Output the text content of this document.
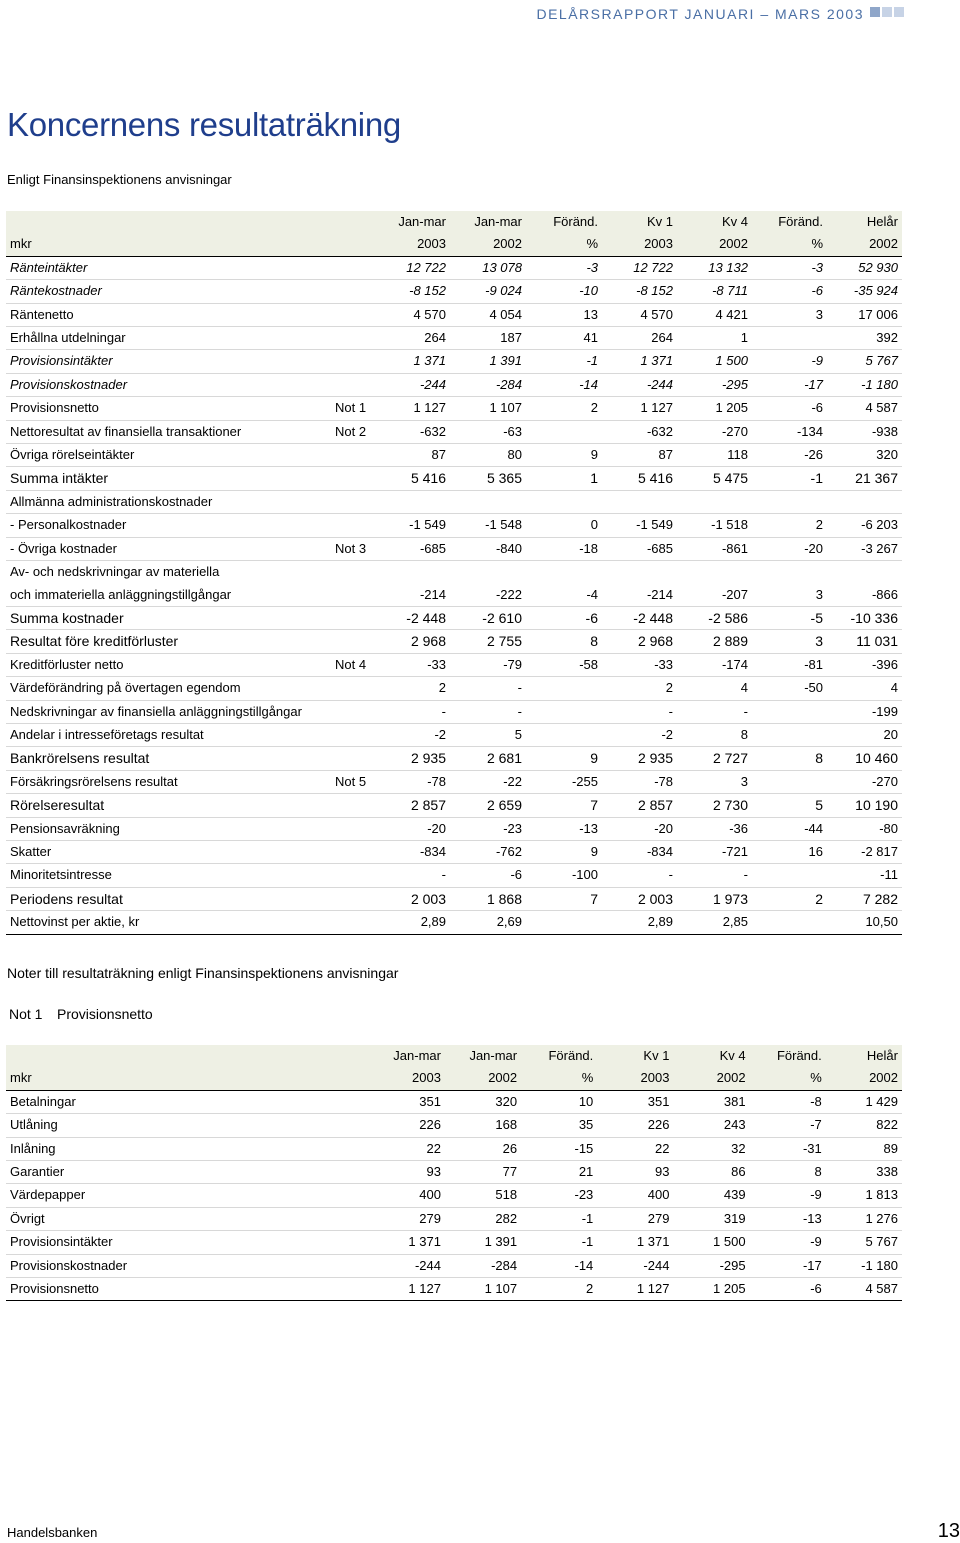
DELÅRSRAPPORT JANUARI – MARS 2003
Koncernens resultaträkning
Enligt Finansinspektionens anvisningar
		Jan-mar	Jan-mar	Föränd.	Kv 1	Kv 4	Föränd.	Helår
mkr		2003	2002	%	2003	2002	%	2002
Ränteintäkter		12 722	13 078	-3	12 722	13 132	-3	52 930
Räntekostnader		-8 152	-9 024	-10	-8 152	-8 711	-6	-35 924
Räntenetto		4 570	4 054	13	4 570	4 421	3	17 006
Erhållna utdelningar		264	187	41	264	1		392
Provisionsintäkter		1 371	1 391	-1	1 371	1 500	-9	5 767
Provisionskostnader		-244	-284	-14	-244	-295	-17	-1 180
Provisionsnetto	Not 1	1 127	1 107	2	1 127	1 205	-6	4 587
Nettoresultat av finansiella transaktioner	Not 2	-632	-63		-632	-270	-134	-938
Övriga rörelseintäkter		87	80	9	87	118	-26	320
Summa intäkter		5 416	5 365	1	5 416	5 475	-1	21 367
Allmänna administrationskostnader								
- Personalkostnader		-1 549	-1 548	0	-1 549	-1 518	2	-6 203
- Övriga kostnader	Not 3	-685	-840	-18	-685	-861	-20	-3 267
Av- och nedskrivningar av materiella								
och immateriella anläggningstillgångar		-214	-222	-4	-214	-207	3	-866
Summa kostnader		-2 448	-2 610	-6	-2 448	-2 586	-5	-10 336
Resultat före kreditförluster		2 968	2 755	8	2 968	2 889	3	11 031
Kreditförluster netto	Not 4	-33	-79	-58	-33	-174	-81	-396
Värdeförändring på övertagen egendom		2	-		2	4	-50	4
Nedskrivningar av finansiella anläggningstillgångar		-	-		-	-		-199
Andelar i intresseföretags resultat		-2	5		-2	8		20
Bankrörelsens resultat		2 935	2 681	9	2 935	2 727	8	10 460
Försäkringsrörelsens resultat	Not 5	-78	-22	-255	-78	3		-270
Rörelseresultat		2 857	2 659	7	2 857	2 730	5	10 190
Pensionsavräkning		-20	-23	-13	-20	-36	-44	-80
Skatter		-834	-762	9	-834	-721	16	-2 817
Minoritetsintresse		-	-6	-100	-	-		-11
Periodens resultat		2 003	1 868	7	2 003	1 973	2	7 282
Nettovinst per aktie, kr		2,89	2,69		2,89	2,85		10,50
Noter till resultaträkning enligt Finansinspektionens anvisningar
Not 1 Provisionsnetto
	Jan-mar	Jan-mar	Föränd.	Kv 1	Kv 4	Föränd.	Helår
mkr	2003	2002	%	2003	2002	%	2002
Betalningar	351	320	10	351	381	-8	1 429
Utlåning	226	168	35	226	243	-7	822
Inlåning	22	26	-15	22	32	-31	89
Garantier	93	77	21	93	86	8	338
Värdepapper	400	518	-23	400	439	-9	1 813
Övrigt	279	282	-1	279	319	-13	1 276
Provisionsintäkter	1 371	1 391	-1	1 371	1 500	-9	5 767
Provisionskostnader	-244	-284	-14	-244	-295	-17	-1 180
Provisionsnetto	1 127	1 107	2	1 127	1 205	-6	4 587
Handelsbanken	13
